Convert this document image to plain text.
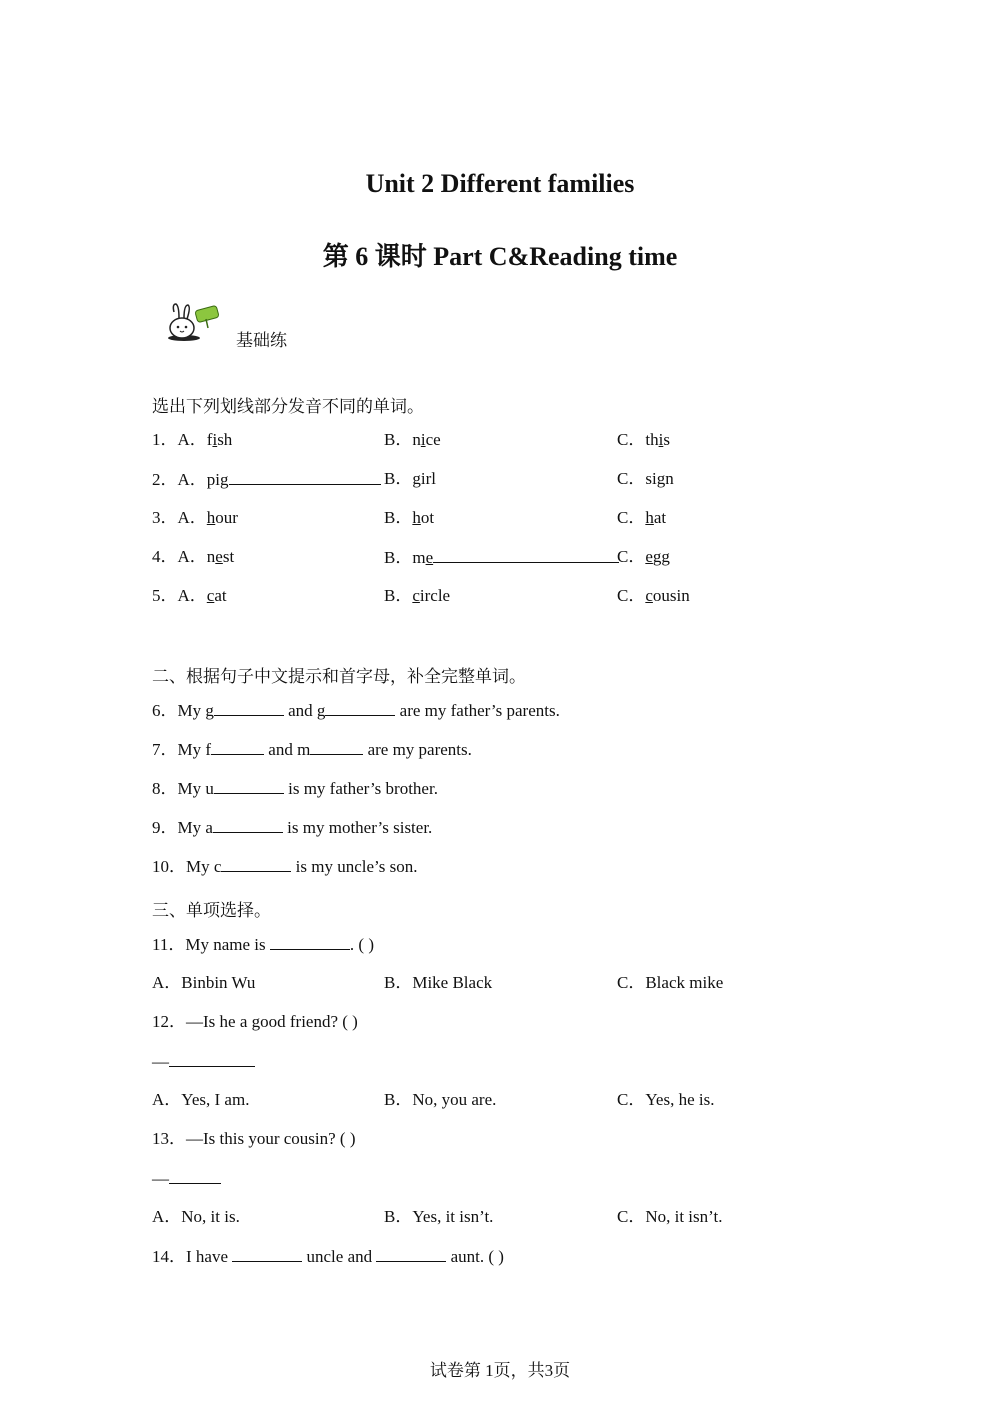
Unit 2 Different families
第 6 课时 Part C&Reading time
基础练
选出下列划线部分发音不同的单词。
1．A．fish	B．nice	C．this
2．A．pig	B．girl	C．sign
3．A．hour	B．hot	C．hat
4．A．nest	B．me	C．egg
5．A．cat	B．circle	C．cousin
二、根据句子中文提示和首字母，补全完整单词。
6．My g	and g	are my father’s parents.
7．My f	and m	are my parents.
8．My u	is my father’s brother.
9．My a	is my mother’s sister.
10．My c	is my uncle’s son.
三、单项选择。
11．My name is	. ( )
A．Binbin Wu	B．Mike Black	C．Black mike
12．—Is he a good friend? ( )
—
A．Yes, I am.	B．No, you are.	C．Yes, he is.
13．—Is this your cousin? ( )
—
A．No, it is.	B．Yes, it isn’t.	C．No, it isn’t.
14．I have	uncle and	aunt. ( )
试卷第 1页，共3页
